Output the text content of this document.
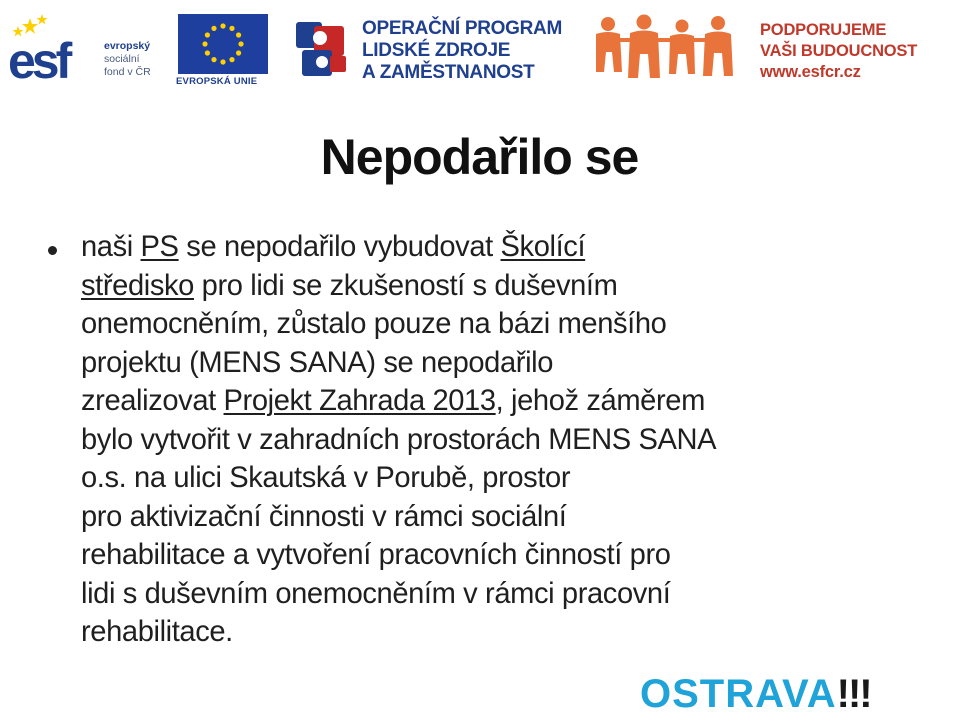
esf	evropský
sociální
fond v ČR
EVROPSKÁ UNIE
OPERAČNÍ PROGRAM
LIDSKÉ ZDROJE
A ZAMĚSTNANOST
PODPORUJEME
VAŠI BUDOUCNOST
www.esfcr.cz
Nepodařilo se
naši PS se nepodařilo vybudovat Školící
středisko pro lidi se zkušeností s duševním
onemocněním, zůstalo pouze na bázi menšího
projektu (MENS SANA) se nepodařilo
zrealizovat Projekt Zahrada 2013, jehož záměrem
bylo vytvořit v zahradních prostorách MENS SANA
o.s. na ulici Skautská v Porubě, prostor
pro aktivizační činnosti v rámci sociální
rehabilitace a vytvoření pracovních činností pro
lidi s duševním onemocněním v rámci pracovní
rehabilitace.
OSTRAVA!!!
